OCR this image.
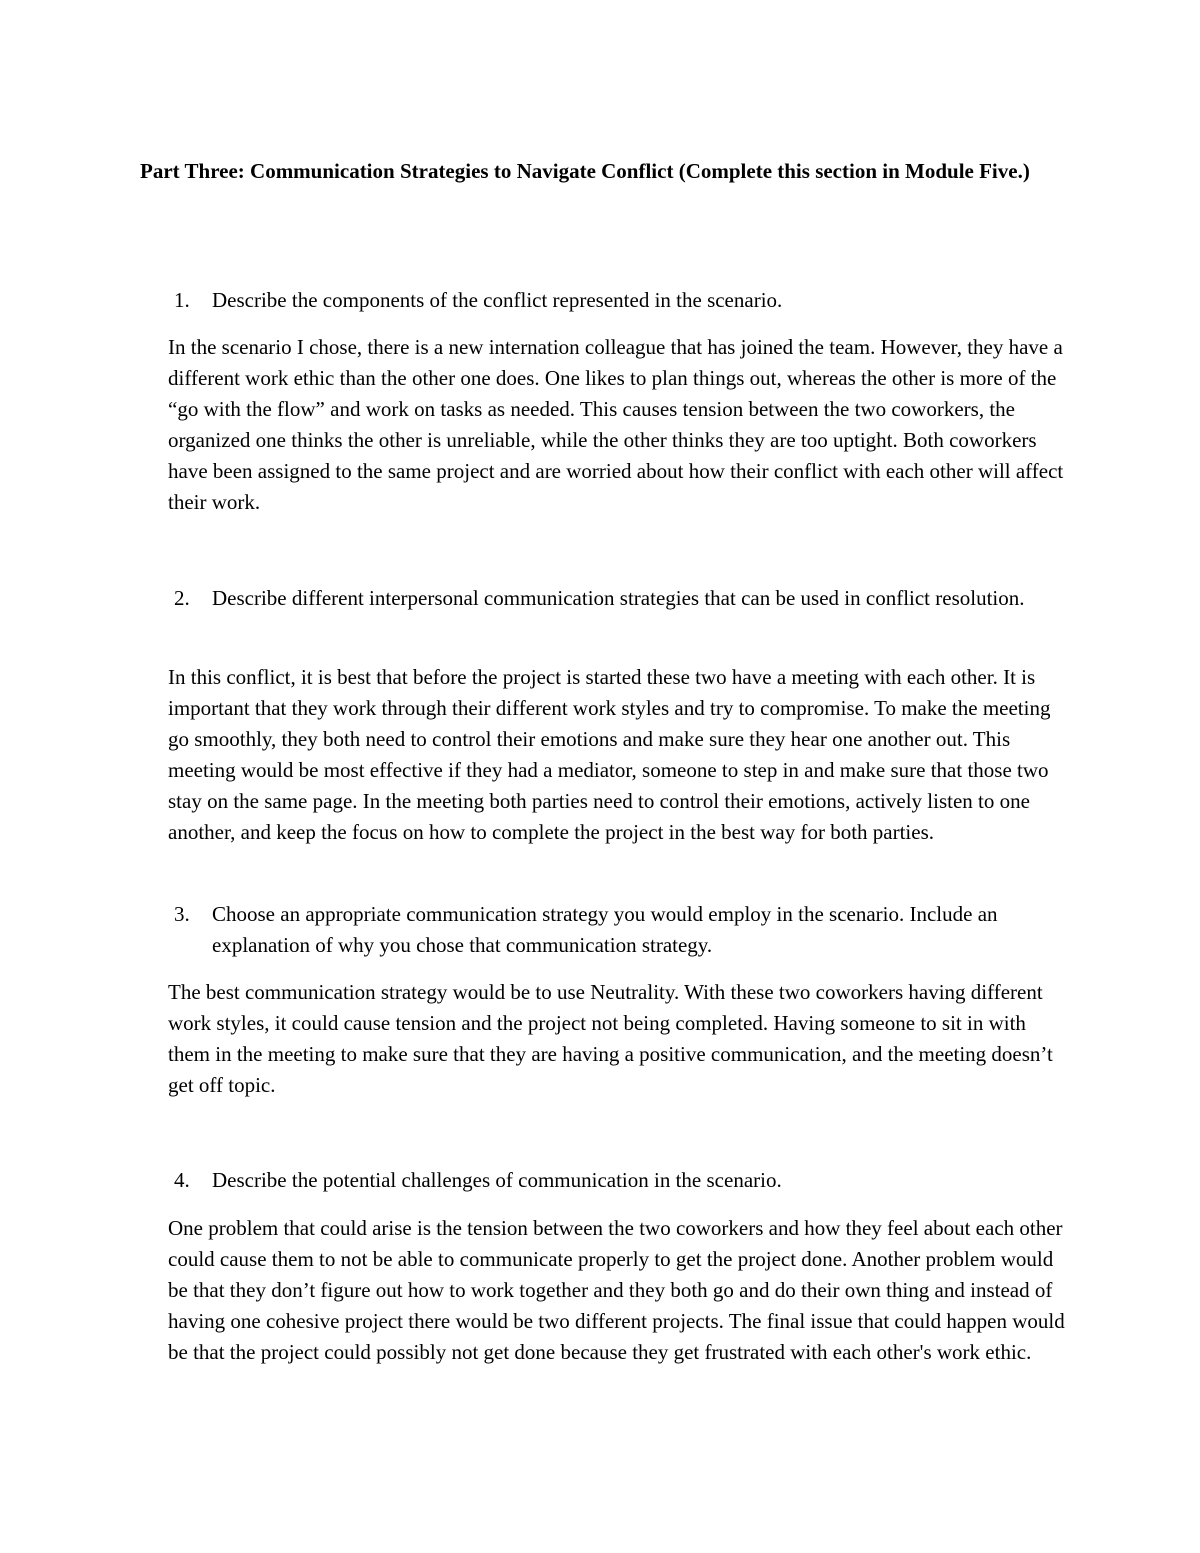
Part Three: Communication Strategies to Navigate Conflict (Complete this section in Module Five.)
1.	Describe the components of the conflict represented in the scenario.

In the scenario I chose, there is a new internation colleague that has joined the team. However, they have a different work ethic than the other one does. One likes to plan things out, whereas the other is more of the “go with the flow” and work on tasks as needed. This causes tension between the two coworkers, the organized one thinks the other is unreliable, while the other thinks they are too uptight. Both coworkers have been assigned to the same project and are worried about how their conflict with each other will affect their work.

2.	Describe different interpersonal communication strategies that can be used in conflict resolution.

In this conflict, it is best that before the project is started these two have a meeting with each other. It is important that they work through their different work styles and try to compromise. To make the meeting go smoothly, they both need to control their emotions and make sure they hear one another out. This meeting would be most effective if they had a mediator, someone to step in and make sure that those two stay on the same page. In the meeting both parties need to control their emotions, actively listen to one another, and keep the focus on how to complete the project in the best way for both parties.

3.	Choose an appropriate communication strategy you would employ in the scenario. Include an explanation of why you chose that communication strategy.

The best communication strategy would be to use Neutrality. With these two coworkers having different work styles, it could cause tension and the project not being completed. Having someone to sit in with them in the meeting to make sure that they are having a positive communication, and the meeting doesn’t get off topic.

4.	Describe the potential challenges of communication in the scenario.

One problem that could arise is the tension between the two coworkers and how they feel about each other could cause them to not be able to communicate properly to get the project done. Another problem would be that they don’t figure out how to work together and they both go and do their own thing and instead of having one cohesive project there would be two different projects. The final issue that could happen would be that the project could possibly not get done because they get frustrated with each other's work ethic.
